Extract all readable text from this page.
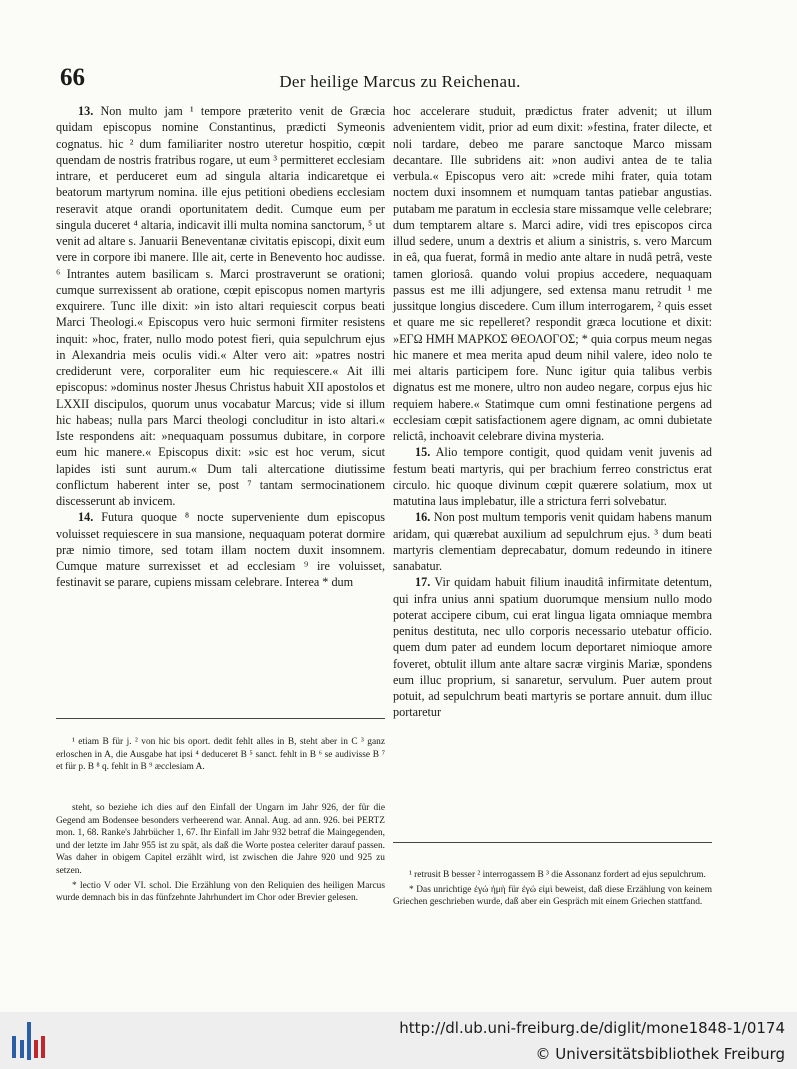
66	Der heilige Marcus zu Reichenau.

13. Non multo jam ¹ tempore præterito venit de Græcia quidam episcopus nomine Constantinus, prædicti Symeonis cognatus. hic ² dum familiariter nostro uteretur hospitio, cœpit quendam de nostris fratribus rogare, ut eum ³ permitteret ecclesiam intrare, et perduceret eum ad singula altaria indicaretque ei beatorum martyrum nomina. ille ejus petitioni obediens ecclesiam reseravit atque orandi oportunitatem dedit. Cumque eum per singula duceret ⁴ altaria, indicavit illi multa nomina sanctorum, ⁵ ut venit ad altare s. Januarii Beneventanæ civitatis episcopi, dixit eum vere in corpore ibi manere. Ille ait, certe in Benevento hoc audisse. ⁶ Intrantes autem basilicam s. Marci prostraverunt se orationi; cumque surrexissent ab oratione, cœpit episcopus nomen martyris exquirere. Tunc ille dixit: »in isto altari requiescit corpus beati Marci Theologi.« Episcopus vero huic sermoni firmiter resistens inquit: »hoc, frater, nullo modo potest fieri, quia sepulchrum ejus in Alexandria meis oculis vidi.« Alter vero ait: »patres nostri crediderunt vere, corporaliter eum hic requiescere.« Ait illi episcopus: »dominus noster Jhesus Christus habuit XII apostolos et LXXII discipulos, quorum unus vocabatur Marcus; vide si illum hic habeas; nulla pars Marci theologi concluditur in isto altari.« Iste respondens ait: »nequaquam possumus dubitare, in corpore eum hic manere.« Episcopus dixit: »sic est hoc verum, sicut lapides isti sunt aurum.« Dum tali altercatione diutissime conflictum haberent inter se, post ⁷ tantam sermocinationem discesserunt ab invicem.

14. Futura quoque ⁸ nocte superveniente dum episcopus voluisset requiescere in sua mansione, nequaquam poterat dormire præ nimio timore, sed totam illam noctem duxit insomnem. Cumque mature surrexisset et ad ecclesiam ⁹ ire voluisset, festinavit se parare, cupiens missam celebrare. Interea * dum

hoc accelerare studuit, prædictus frater advenit; ut illum advenientem vidit, prior ad eum dixit: »festina, frater dilecte, et noli tardare, debeo me parare sanctoque Marco missam decantare. Ille subridens ait: »non audivi antea de te talia verbula.« Episcopus vero ait: »crede mihi frater, quia totam noctem duxi insomnem et numquam tantas patiebar angustias. putabam me paratum in ecclesia stare missamque velle celebrare; dum temptarem altare s. Marci adire, vidi tres episcopos circa illud sedere, unum a dextris et alium a sinistris, s. vero Marcum in eâ, qua fuerat, formâ in medio ante altare in nudâ petrâ, veste tamen gloriosâ. quando volui propius accedere, nequaquam passus est me illi adjungere, sed extensa manu retrudit ¹ me jussitque longius discedere. Cum illum interrogarem, ² quis esset et quare me sic repelleret? respondit græca locutione et dixit: »ΕΓΩ ΗΜΗ ΜΑΡΚΟΣ ΘΕΟΛΟΓΟΣ; * quia corpus meum negas hic manere et mea merita apud deum nihil valere, ideo nolo te mei altaris participem fore. Nunc igitur quia talibus verbis dignatus est me monere, ultro non audeo negare, corpus ejus hic requiem habere.« Statimque cum omni festinatione pergens ad ecclesiam cœpit satisfactionem agere dignam, ac omni dubietate relictâ, inchoavit celebrare divina mysteria.

15. Alio tempore contigit, quod quidam venit juvenis ad festum beati martyris, qui per brachium ferreo constrictus erat circulo. hic quoque divinum cœpit quærere solatium, mox ut matutina laus implebatur, ille a strictura ferri solvebatur.

16. Non post multum temporis venit quidam habens manum aridam, qui quærebat auxilium ad sepulchrum ejus. ³ dum beati martyris clementiam deprecabatur, domum redeundo in itinere sanabatur.

17. Vir quidam habuit filium inauditâ infirmitate detentum, qui infra unius anni spatium duorumque mensium nullo modo poterat accipere cibum, cui erat lingua ligata omniaque membra penitus destituta, nec ullo corporis necessario utebatur officio. quem dum pater ad eundem locum deportaret nimioque amore foveret, obtulit illum ante altare sacræ virginis Mariæ, spondens eum illuc proprium, si sanaretur, servulum. Puer autem prout potuit, ad sepulchrum beati martyris se portare annuit. dum illuc portaretur

¹ etiam B für j. ² von hic bis oport. dedit fehlt alles in B, steht aber in C ³ ganz erloschen in A, die Ausgabe hat ipsi ⁴ deduceret B ⁵ sanct. fehlt in B ⁶ se audivisse B ⁷ et für p. B ⁸ q. fehlt in B ⁹ æcclesiam A.

steht, so beziehe ich dies auf den Einfall der Ungarn im Jahr 926, der für die Gegend am Bodensee besonders verheerend war. Annal. Aug. ad ann. 926. bei PERTZ mon. 1, 68. Ranke's Jahrbücher 1, 67. Ihr Einfall im Jahr 932 betraf die Maingegenden, und der letzte im Jahr 955 ist zu spät, als daß die Worte postea celeriter darauf passen. Was daher in obigem Capitel erzählt wird, ist zwischen die Jahre 920 und 925 zu setzen.

* lectio V oder VI. schol. Die Erzählung von den Reliquien des heiligen Marcus wurde demnach bis in das fünfzehnte Jahrhundert im Chor oder Brevier gelesen.

¹ retrusit B besser ² interrogassem B ³ die Assonanz fordert ad ejus sepulchrum.

* Das unrichtige ἐγώ ἠμὴ für ἐγώ εἰμὶ beweist, daß diese Erzählung von keinem Griechen geschrieben wurde, daß aber ein Gespräch mit einem Griechen stattfand.

http://dl.ub.uni-freiburg.de/diglit/mone1848-1/0174
© Universitätsbibliothek Freiburg
